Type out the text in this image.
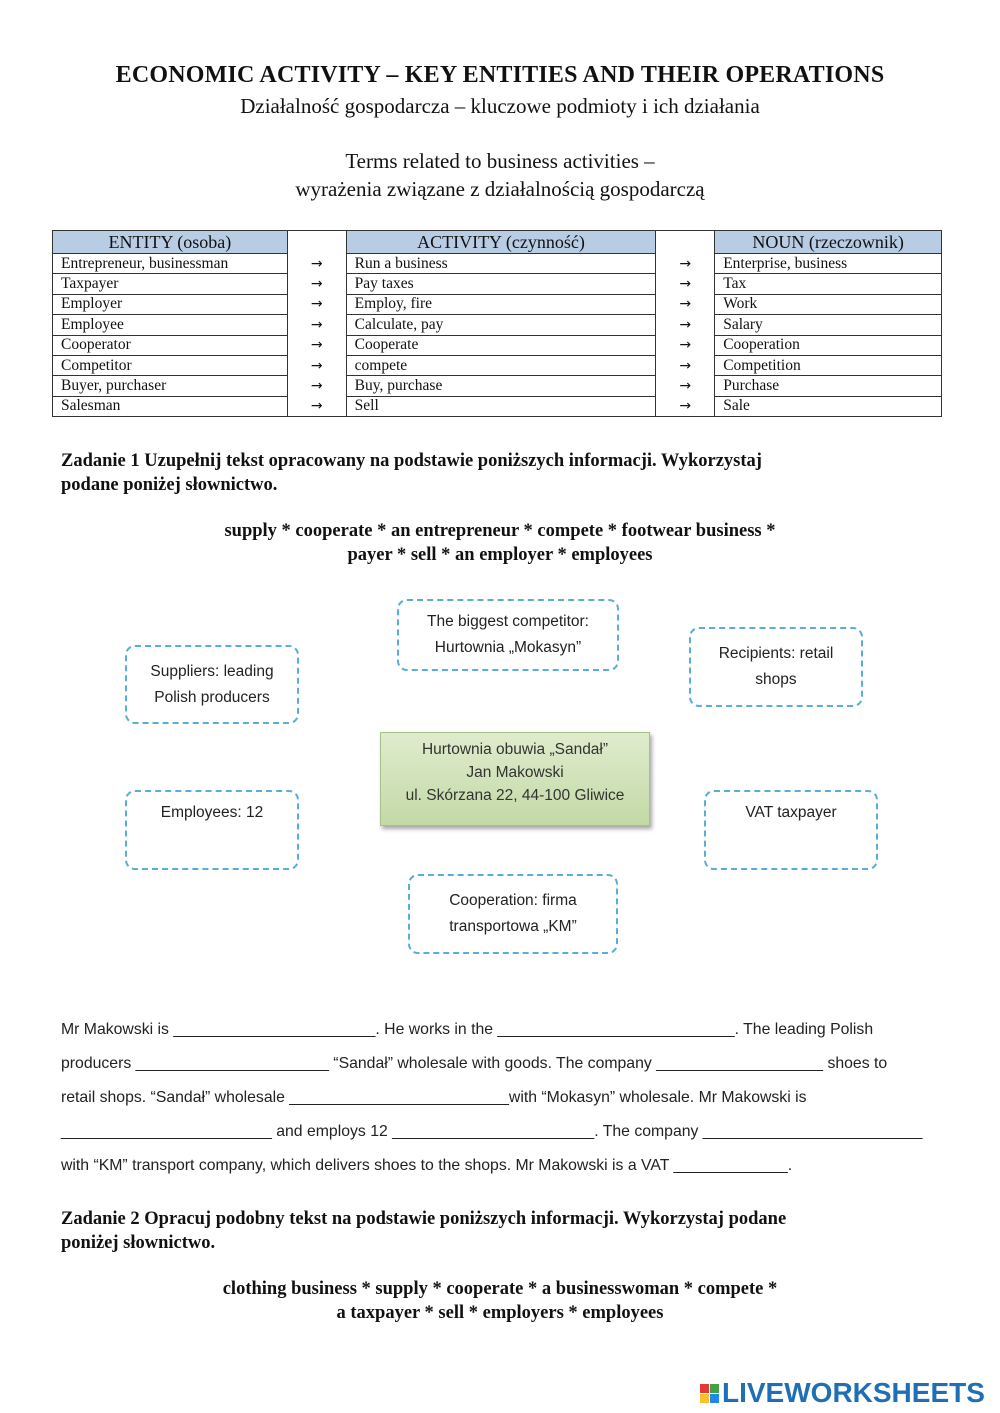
ECONOMIC ACTIVITY – KEY ENTITIES AND THEIR OPERATIONS
Działalność gospodarcza – kluczowe podmioty i ich działania
Terms related to business activities –
wyrażenia związane z działalnością gospodarczą
ENTITY (osoba)		ACTIVITY (czynność)		NOUN (rzeczownik)
Entrepreneur, businessman	→	Run a business	→	Enterprise, business
Taxpayer	→	Pay taxes	→	Tax
Employer	→	Employ, fire	→	Work
Employee	→	Calculate, pay	→	Salary
Cooperator	→	Cooperate	→	Cooperation
Competitor	→	compete	→	Competition
Buyer, purchaser	→	Buy, purchase	→	Purchase
Salesman	→	Sell	→	Sale
Zadanie 1 Uzupełnij tekst opracowany na podstawie poniższych informacji. Wykorzystaj
podane poniżej słownictwo.
supply * cooperate * an entrepreneur * compete * footwear business *
payer * sell * an employer * employees
The biggest competitor:
Hurtownia „Mokasyn”
Suppliers: leading
Polish producers
Recipients: retail
shops
Hurtownia obuwia „Sandał”
Jan Makowski
ul. Skórzana 22, 44-100 Gliwice
Employees: 12	VAT taxpayer
Cooperation: firma
transportowa „KM”
Mr Makowski is _______________________. He works in the ___________________________. The leading Polish
producers ______________________ “Sandał” wholesale with goods. The company ___________________ shoes to
retail shops. “Sandał” wholesale _________________________with “Mokasyn” wholesale. Mr Makowski is
________________________ and employs 12 _______________________. The company _________________________
with “KM” transport company, which delivers shoes to the shops. Mr Makowski is a VAT _____________.
Zadanie 2 Opracuj podobny tekst na podstawie poniższych informacji. Wykorzystaj podane
poniżej słownictwo.
clothing business * supply * cooperate * a businesswoman * compete *
a taxpayer * sell * employers * employees
LIVEWORKSHEETS
